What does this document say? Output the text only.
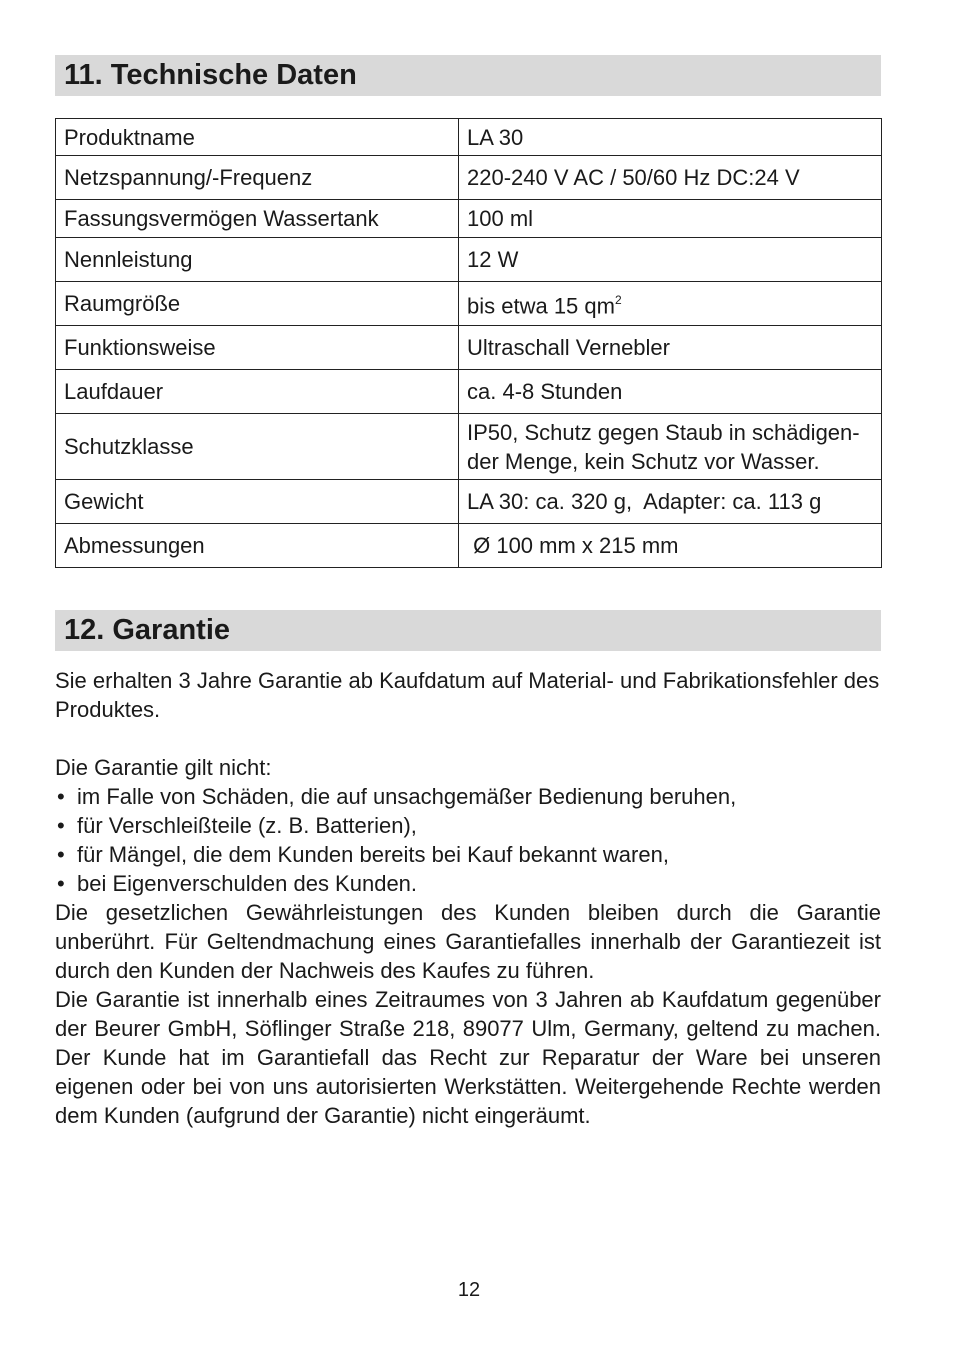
11. Technische Daten
Produktname	LA 30
Netzspannung/-Frequenz	220-240 V AC / 50/60 Hz DC:24 V
Fassungsvermögen Wassertank	100 ml
Nennleistung	12 W
Raumgröße	bis etwa 15 $qm^2$
Funktionsweise	Ultraschall Vernebler
Laufdauer	ca. 4-8 Stunden
Schutzklasse	IP50, Schutz gegen Staub in schädigen-der Menge, kein Schutz vor Wasser.
Gewicht	LA 30: ca. 320 g,  Adapter: ca. 113 g
Abmessungen	Ø 100 mm x 215 mm
12. Garantie

Sie erhalten 3 Jahre Garantie ab Kaufdatum auf Material- und Fabrikationsfehler des Produktes.

Die Garantie gilt nicht:
• im Falle von Schäden, die auf unsachgemäßer Bedienung beruhen,
• für Verschleißteile (z. B. Batterien),
• für Mängel, die dem Kunden bereits bei Kauf bekannt waren,
• bei Eigenverschulden des Kunden.
Die gesetzlichen Gewährleistungen des Kunden bleiben durch die Garantie unberührt. Für Geltendmachung eines Garantiefalles innerhalb der Garantiezeit ist durch den Kunden der Nachweis des Kaufes zu führen.
Die Garantie ist innerhalb eines Zeitraumes von 3 Jahren ab Kaufdatum gegenüber der Beurer GmbH, Söflinger Straße 218, 89077 Ulm, Germany, geltend zu machen. Der Kunde hat im Garantiefall das Recht zur Reparatur der Ware bei unseren eigenen oder bei von uns autorisierten Werkstätten. Weitergehende Rechte werden dem Kunden (aufgrund der Garantie) nicht eingeräumt.
12
